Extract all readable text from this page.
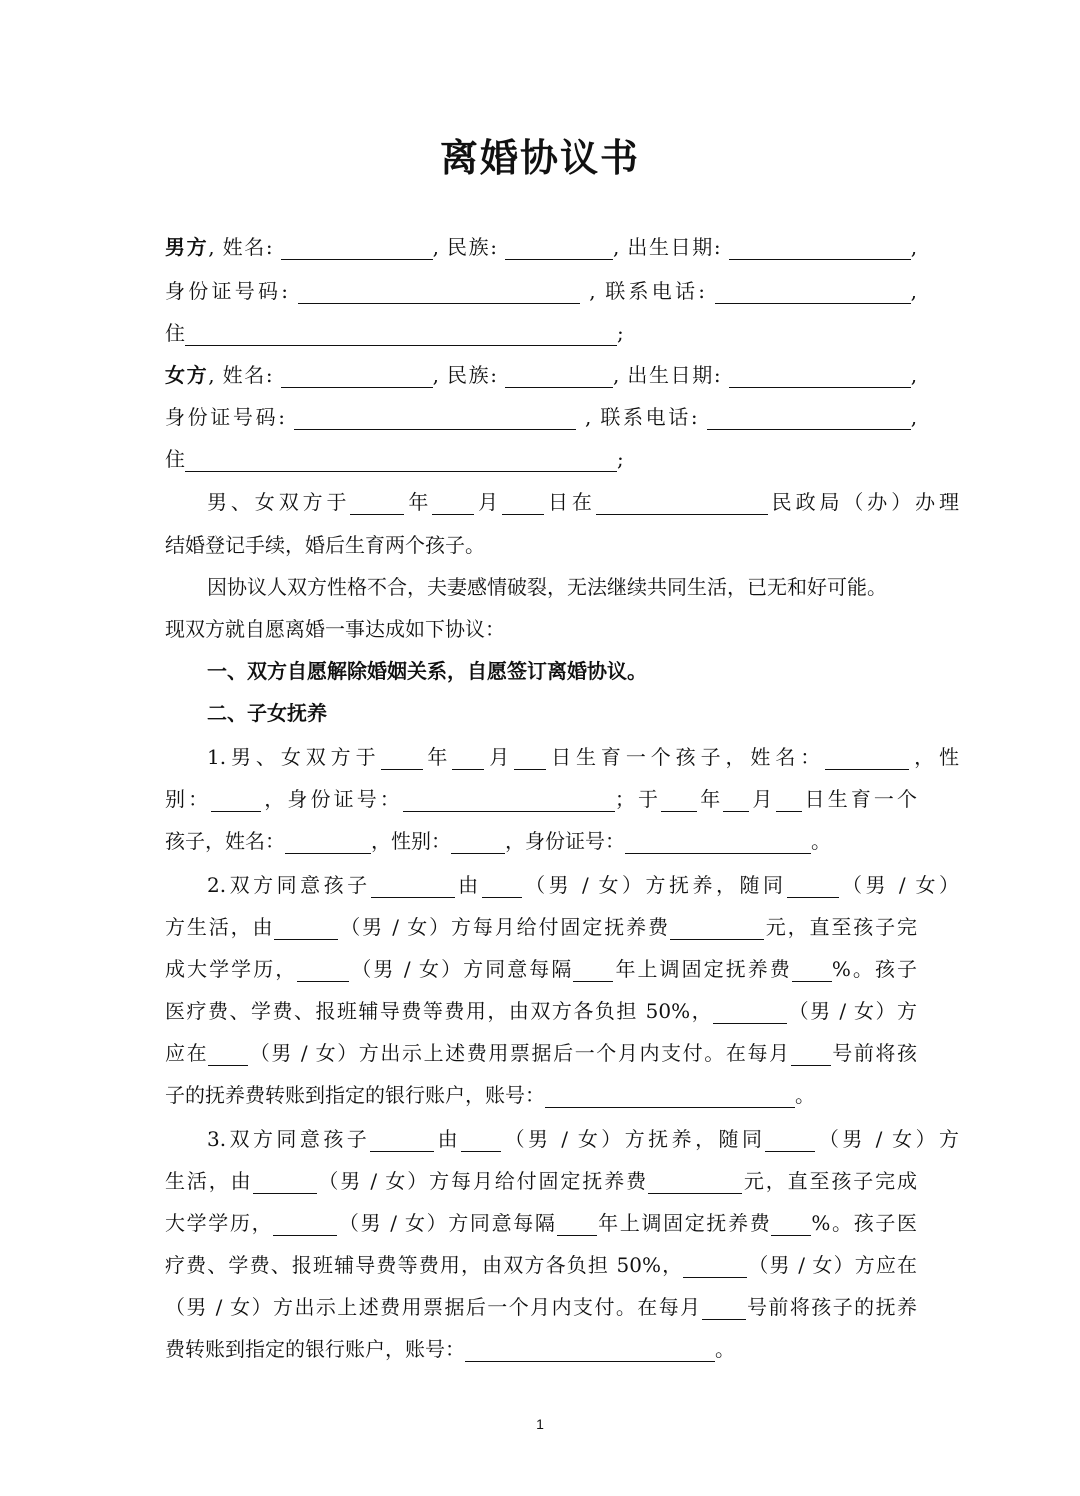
离婚协议书
男方, 姓名:	, 民族:	, 出生日期:	,
身份证号码:	, 联系电话:	,
住	;
女方, 姓名:	, 民族:	, 出生日期:	,
身份证号码:	, 联系电话:	,
住	;
男、女双方于	年 月 日在	民政局（办）办理
结婚登记手续，婚后生育两个孩子。
因协议人双方性格不合，夫妻感情破裂，无法继续共同生活，已无和好可能。
现双方就自愿离婚一事达成如下协议：
一、双方自愿解除婚姻关系，自愿签订离婚协议。
二、子女抚养
1.男、女双方于 年 月 日生育一个孩子，姓名：	，性
别：	，身份证号：	；于 年 月 日生育一个
孩子，姓名：	，性别：	，身份证号：	。
2.双方同意孩子	由 （男 / 女）方抚养，随同	（男 / 女）
方生活，由	（男 / 女）方每月给付固定抚养费	元，直至孩子完
成大学学历，	（男 / 女）方同意每隔 年上调固定抚养费 %。孩子
医疗费、学费、报班辅导费等费用，由双方各负担 50%，	（男 / 女）方
应在 （男 / 女）方出示上述费用票据后一个月内支付。在每月 号前将孩
子的抚养费转账到指定的银行账户，账号：	。
3.双方同意孩子	由 （男 / 女）方抚养，随同	（男 / 女）方
生活，由	（男 / 女）方每月给付固定抚养费	元，直至孩子完成
大学学历，	（男 / 女）方同意每隔 年上调固定抚养费 %。孩子医
疗费、学费、报班辅导费等费用，由双方各负担 50%，	（男 / 女）方应在
（男 / 女）方出示上述费用票据后一个月内支付。在每月 号前将孩子的抚养
费转账到指定的银行账户，账号：	。
1
